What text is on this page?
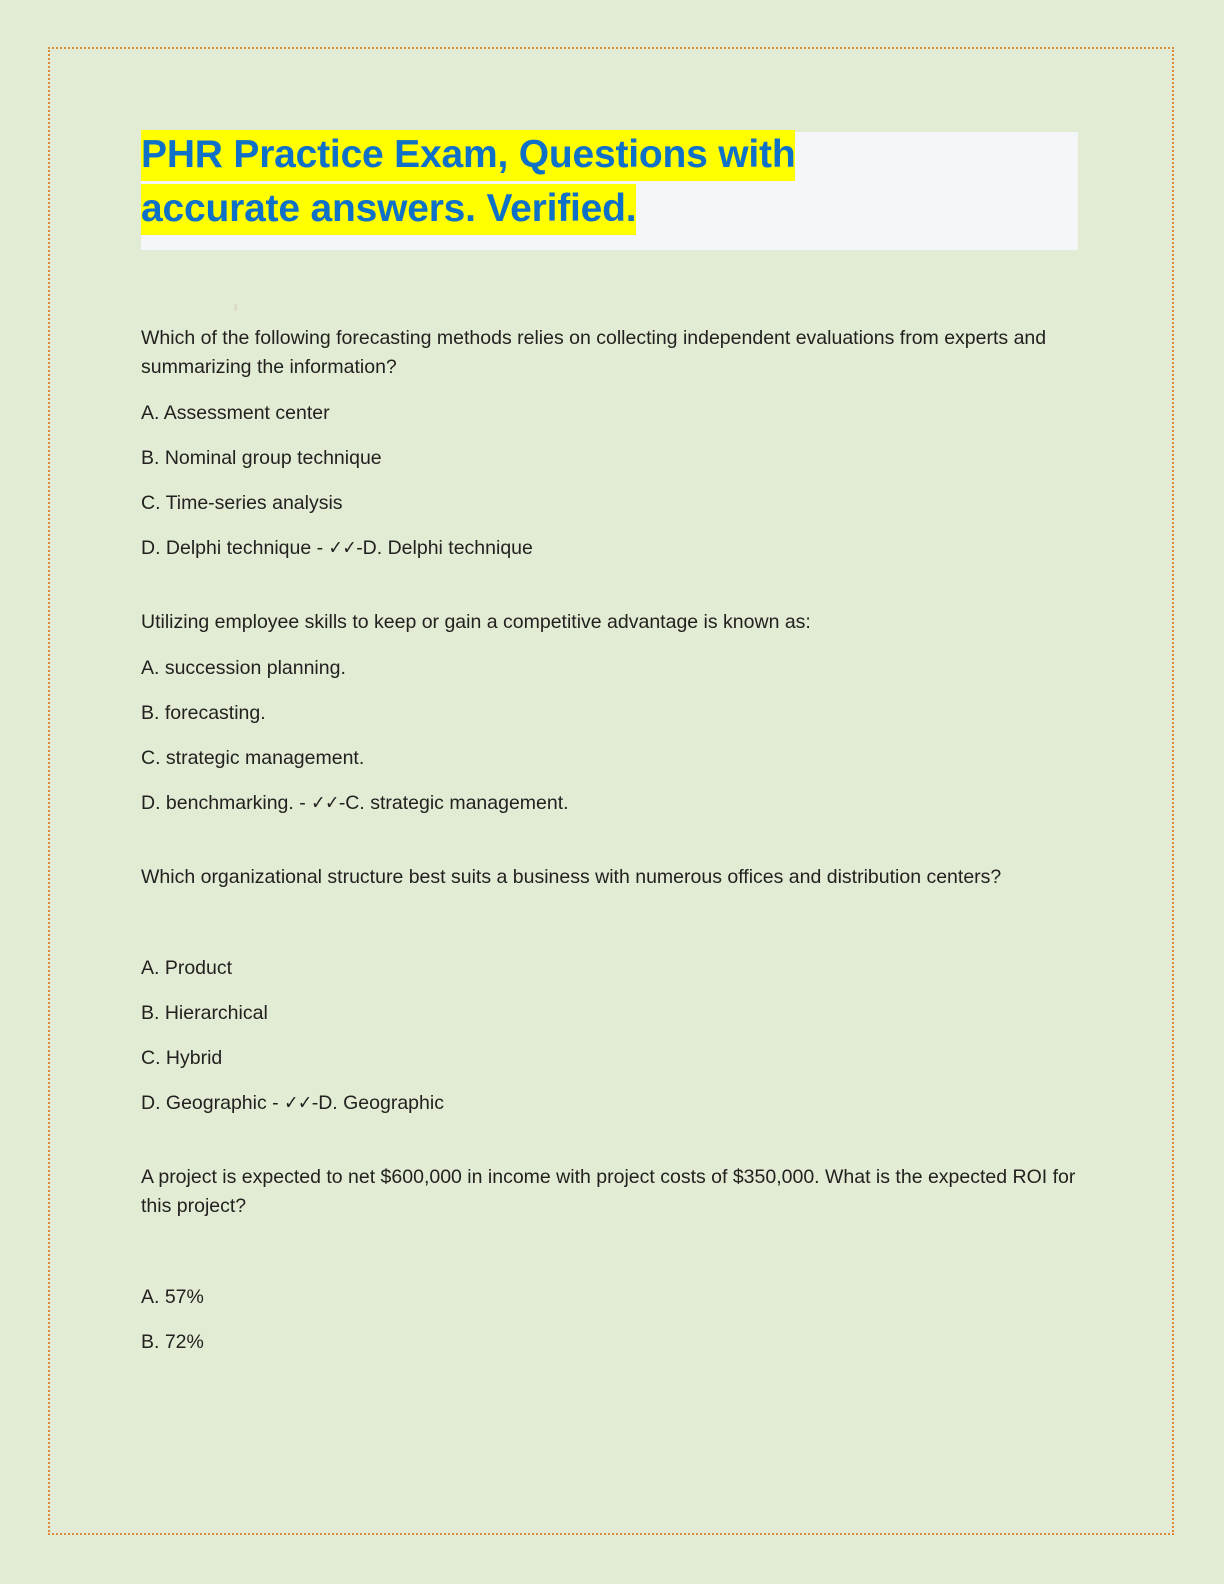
PHR Practice Exam, Questions with
accurate answers. Verified.

Which of the following forecasting methods relies on collecting independent evaluations from experts and summarizing the information?

A. Assessment center

B. Nominal group technique

C. Time-series analysis

D. Delphi technique - ✓✓-D. Delphi technique

Utilizing employee skills to keep or gain a competitive advantage is known as:

A. succession planning.

B. forecasting.

C. strategic management.

D. benchmarking. - ✓✓-C. strategic management.

Which organizational structure best suits a business with numerous offices and distribution centers?

A. Product

B. Hierarchical

C. Hybrid

D. Geographic - ✓✓-D. Geographic

A project is expected to net $600,000 in income with project costs of $350,000. What is the expected ROI for this project?

A. 57%

B. 72%
